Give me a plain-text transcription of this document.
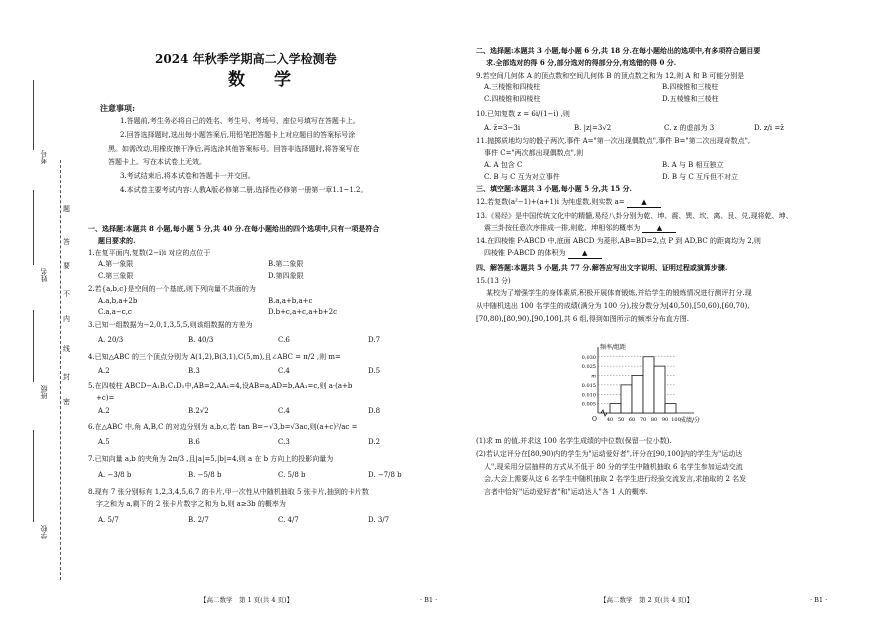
考号
姓名
班级
学校
题
答
要
不
内
线
封
密
2024 年秋季学期高二入学检测卷
数　学
注意事项:
1.答题前,考生务必将自己的姓名、考生号、考场号、座位号填写在答题卡上。
2.回答选择题时,选出每小题答案后,用铅笔把答题卡上对应题目的答案标号涂
黑。如需改动,用橡皮擦干净后,再选涂其他答案标号。回答非选择题时,将答案写在
答题卡上。写在本试卷上无效。
3.考试结束后,将本试卷和答题卡一并交回。
4.本试卷主要考试内容:人教A版必修第二册,选择性必修第一册第一章1.1~1.2。
一、选择题:本题共 8 小题,每小题 5 分,共 40 分.在每小题给出的四个选项中,只有一项是符合
题目要求的.
1.在复平面内,复数(2−i)i 对应的点位于
A.第一象限	B.第二象限
C.第三象限	D.第四象限
2.若{a,b,c}是空间的一个基底,则下列向量不共面的为
A.a,b,a+2b	B.a,a+b,a+c
C.a,a−c,c	D.b+c,a+c,a+b+2c
3.已知一组数据为−2,0,1,3,5,5,则该组数据的方差为
A. 20/3	B. 40/3	C.6	D.7
4.已知△ABC 的三个顶点分别为 A(1,2),B(3,1),C(5,m),且∠ABC = π/2 ,则 m=
A.2	B.3	C.4	D.5
5.在四棱柱 ABCD−A₁B₁C₁D₁中,AB=2,AA₁=4,设AB=a,AD=b,AA₁=c,则 a·(a+b
+c)=
A.2	B.2√2	C.4	D.8
6.在△ABC 中,角 A,B,C 的对边分别为 a,b,c,若 tan B=−√3,b=√3ac,则(a+c)²/ac =
A.5	B.6	C.3	D.2
7.已知向量 a,b 的夹角为 2π/3 ,且|a|=5,|b|=4,则 a 在 b 方向上的投影向量为
A. −3/8 b	B. −5/8 b	C. 5/8 b	D. −7/8 b
8.现有 7 张分别标有 1,2,3,4,5,6,7 的卡片,甲一次性从中随机抽取 5 张卡片,抽到的卡片数
字之和为 a,剩下的 2 张卡片数字之和为 b,则 a≥3b 的概率为
A. 5/7	B. 2/7	C. 4/7	D. 3/7
【高二数学　第 1 页(共 4 页)】	· B1 ·
二、选择题:本题共 3 小题,每小题 6 分,共 18 分.在每小题给出的选项中,有多项符合题目要
求.全部选对的得 6 分,部分选对的得部分分,有选错的得 0 分.
9.若空间几何体 A 的顶点数和空间几何体 B 的顶点数之和为 12,则 A 和 B 可能分别是
A.三棱锥和四棱柱	B.四棱锥和三棱柱
C.四棱锥和四棱柱	D.五棱锥和三棱柱
10.已知复数 z = 6i/(1−i) ,则
A. z̄=3−3i	B. |z|=3√2	C. z 的虚部为 3	D. z/i =z̄
11.抛掷质地均匀的骰子两次,事件 A="第一次出现偶数点",事件 B="第二次出现奇数点",
事件 C="两次都出现偶数点",则
A. A 包含 C	B. A 与 B 相互独立
C. B 与 C 互为对立事件	D. B 与 C 互斥但不对立
三、填空题:本题共 3 小题,每小题 5 分,共 15 分.
12.若复数(a²−1)+(a+1)i 为纯虚数,则实数 a= ▲
13.《易经》是中国传统文化中的精髓,易经八卦分别为乾、坤、震、巽、坎、离、艮、兑,现将乾、坤、
震三卦按任意次序排成一排,则乾、坤相邻的概率为 ▲
14.在四棱锥 P-ABCD 中,底面 ABCD 为菱形,AB=BD=2,点 P 到 AD,BC 的距离均为 2,则
四棱锥 P-ABCD 的体积为 ▲
四、解答题:本题共 5 小题,共 77 分.解答应写出文字说明、证明过程或演算步骤.
15.(13 分)
某校为了增强学生的身体素质,积极开展体育锻炼,并给学生的锻炼情况进行测评打分.现
从中随机选出 100 名学生的成绩(满分为 100 分),按分数分为[40,50),[50,60),[60,70),
[70,80),[80,90),[90,100],共 6 组,得到如图所示的频率分布直方图.
频率/组距
成绩/分
O
0.030
0.025
m
0.015
0.010
0.005
40 50 60 70 80 90 100
(1)求 m 的值,并求这 100 名学生成绩的中位数(保留一位小数).
(2)若认定评分在[80,90)内的学生为"运动爱好者",评分在[90,100]内的学生为"运动达
人",现采用分层抽样的方式从不低于 80 分的学生中随机抽取 6 名学生参加运动交流
会,大会上需要从这 6 名学生中随机抽取 2 名学生进行经验交流发言,求抽取的 2 名发
言者中恰好"运动爱好者"和"运动达人"各 1 人的概率.
【高二数学　第 2 页(共 4 页)】	· B1 ·
